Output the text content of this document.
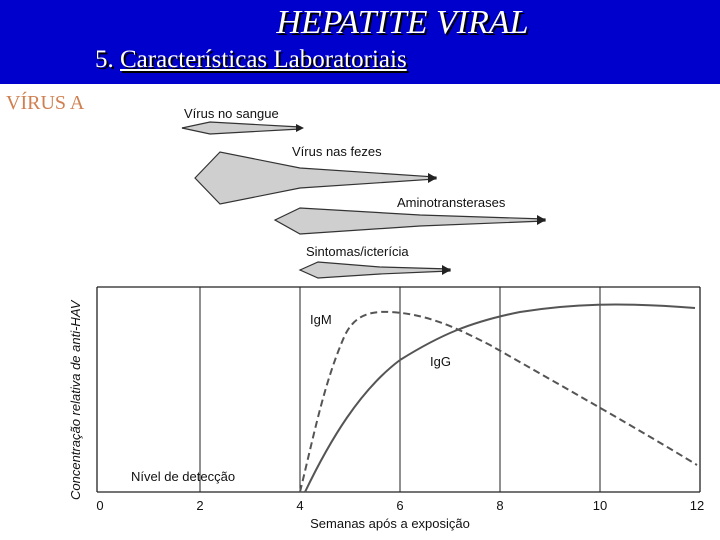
HEPATITE VIRAL
5. Características Laboratoriais
VÍRUS A	Vírus no sangue
Vírus nas fezes
Aminotransterases
Sintomas/icterícia
IgM
IgG
Nível de detecção
Concentração relativa de anti-HAV
0	2	4	6	8	10	12
Semanas após a exposição
